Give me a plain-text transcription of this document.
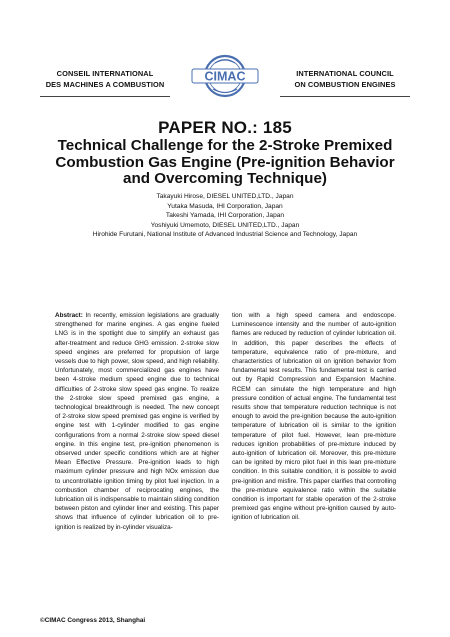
CONSEIL INTERNATIONAL
DES MACHINES A COMBUSTION
CIMAC	INTERNATIONAL COUNCIL
ON COMBUSTION ENGINES
PAPER NO.: 185
Technical Challenge for the 2-Stroke Premixed Combustion Gas Engine (Pre-ignition Behavior and Overcoming Technique)
Takayuki Hirose, DIESEL UNITED,LTD., Japan
Yutaka Masuda, IHI Corporation, Japan
Takeshi Yamada, IHI Corporation, Japan
Yoshiyuki Umemoto, DIESEL UNITED,LTD., Japan
Hirohide Furutani, National Institute of Advanced Industrial Science and Technology, Japan
Abstract: In recently, emission legislations are gradually strengthened for marine engines. A gas engine fueled LNG is in the spotlight due to simplify an exhaust gas after-treatment and reduce GHG emission. 2-stroke slow speed engines are preferred for propulsion of large vessels due to high power, slow speed, and high reliability. Unfortunately, most commercialized gas engines have been 4-stroke medium speed engine due to technical difficulties of 2-stroke slow speed gas engine. To realize the 2-stroke slow speed premixed gas engine, a technological breakthrough is needed. The new concept of 2-stroke slow speed premixed gas engine is verified by engine test with 1-cylinder modified to gas engine configurations from a normal 2-stroke slow speed diesel engine. In this engine test, pre-ignition phenomenon is observed under specific conditions which are at higher Mean Effective Pressure. Pre-ignition leads to high maximum cylinder pressure and high NOx emission due to uncontrollable ignition timing by pilot fuel injection. In a combustion chamber of reciprocating engines, the lubrication oil is indispensable to maintain sliding condition between piston and cylinder liner and existing. This paper shows that influence of cylinder lubrication oil to pre-ignition is realized by in-cylinder visualiza-
tion with a high speed camera and endoscope. Luminescence intensity and the number of auto-ignition flames are reduced by reduction of cylinder lubrication oil. In addition, this paper describes the effects of temperature, equivalence ratio of pre-mixture, and characteristics of lubrication oil on ignition behavior from fundamental test results. This fundamental test is carried out by Rapid Compression and Expansion Machine. RCEM can simulate the high temperature and high pressure condition of actual engine. The fundamental test results show that temperature reduction technique is not enough to avoid the pre-ignition because the auto-ignition temperature of lubrication oil is similar to the ignition temperature of pilot fuel. However, lean pre-mixture reduces ignition probabilities of pre-mixture induced by auto-ignition of lubrication oil. Moreover, this pre-mixture can be ignited by micro pilot fuel in this lean pre-mixture condition. In this suitable condition, it is possible to avoid pre-ignition and misfire. This paper clarifies that controlling the pre-mixture equivalence ratio within the suitable condition is important for stable operation of the 2-stroke premixed gas engine without pre-ignition caused by auto-ignition of lubrication oil.
©CIMAC Congress 2013, Shanghai
